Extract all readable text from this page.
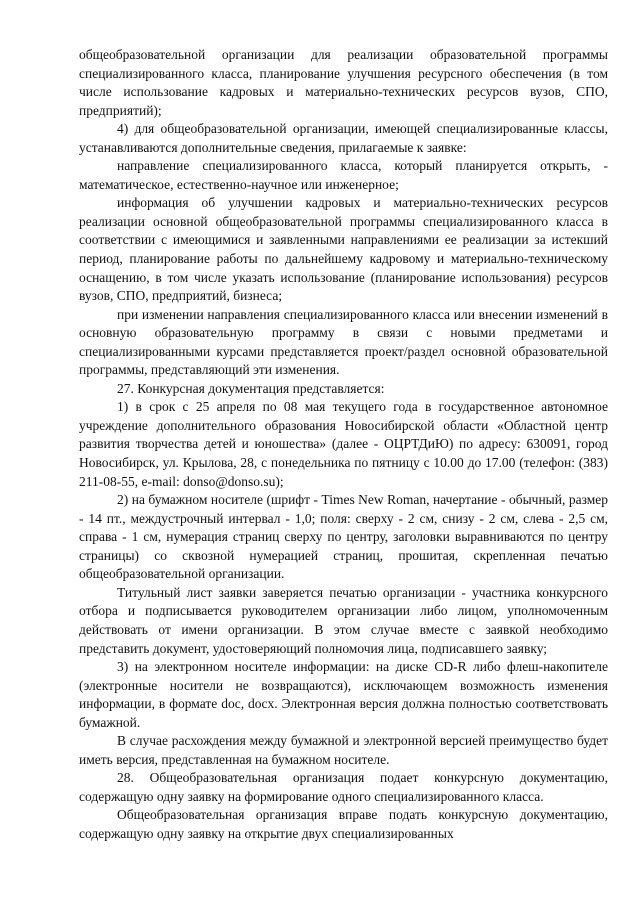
общеобразовательной организации для реализации образовательной программы специализированного класса, планирование улучшения ресурсного обеспечения (в том числе использование кадровых и материально-технических ресурсов вузов, СПО, предприятий);

4) для общеобразовательной организации, имеющей специализированные классы, устанавливаются дополнительные сведения, прилагаемые к заявке:

направление специализированного класса, который планируется открыть, - математическое, естественно-научное или инженерное;

информация об улучшении кадровых и материально-технических ресурсов реализации основной общеобразовательной программы специализированного класса в соответствии с имеющимися и заявленными направлениями ее реализации за истекший период, планирование работы по дальнейшему кадровому и материально-техническому оснащению, в том числе указать использование (планирование использования) ресурсов вузов, СПО, предприятий, бизнеса;

при изменении направления специализированного класса или внесении изменений в основную образовательную программу в связи с новыми предметами и специализированными курсами представляется проект/раздел основной образовательной программы, представляющий эти изменения.

27. Конкурсная документация представляется:

1) в срок с 25 апреля по 08 мая текущего года в государственное автономное учреждение дополнительного образования Новосибирской области «Областной центр развития творчества детей и юношества» (далее - ОЦРТДиЮ) по адресу: 630091, город Новосибирск, ул. Крылова, 28, с понедельника по пятницу с 10.00 до 17.00 (телефон: (383) 211-08-55, e-mail: donso@donso.su);

2) на бумажном носителе (шрифт - Times New Roman, начертание - обычный, размер - 14 пт., междустрочный интервал - 1,0; поля: сверху - 2 см, снизу - 2 см, слева - 2,5 см, справа - 1 см, нумерация страниц сверху по центру, заголовки выравниваются по центру страницы) со сквозной нумерацией страниц, прошитая, скрепленная печатью общеобразовательной организации.

Титульный лист заявки заверяется печатью организации - участника конкурсного отбора и подписывается руководителем организации либо лицом, уполномоченным действовать от имени организации. В этом случае вместе с заявкой необходимо представить документ, удостоверяющий полномочия лица, подписавшего заявку;

3) на электронном носителе информации: на диске CD-R либо флеш-накопителе (электронные носители не возвращаются), исключающем возможность изменения информации, в формате doc, docx. Электронная версия должна полностью соответствовать бумажной.

В случае расхождения между бумажной и электронной версией преимущество будет иметь версия, представленная на бумажном носителе.

28. Общеобразовательная организация подает конкурсную документацию, содержащую одну заявку на формирование одного специализированного класса.

Общеобразовательная организация вправе подать конкурсную документацию, содержащую одну заявку на открытие двух специализированных
